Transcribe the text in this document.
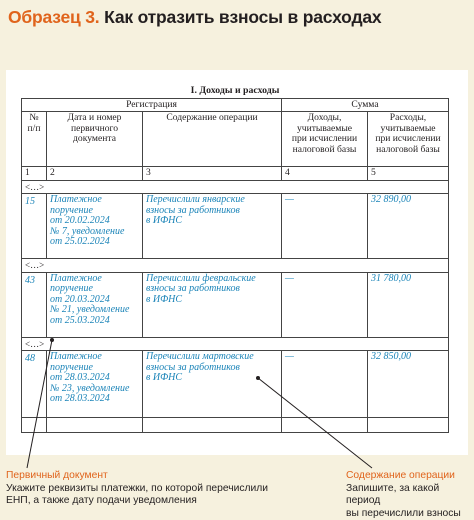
Образец 3. Как отразить взносы в расходах
I. Доходы и расходы				
Регистрация			Сумма	
№
п/п	Дата и номер
первичного
документа	Содержание операции	Доходы,
учитываемые
при исчислении
налоговой базы	Расходы,
учитываемые
при исчислении
налоговой базы
1	2	3	4	5
<…>				
15	Платежное
поручение
от 20.02.2024
№ 7, уведомление
от 25.02.2024	Перечислили январские
взносы за работников
в ИФНС	—	32 890,00
<…>				
43	Платежное
поручение
от 20.03.2024
№ 21, уведомление
от 25.03.2024	Перечислили февральские
взносы за работников
в ИФНС	—	31 780,00
<…>				
48	Платежное
поручение
от 28.03.2024
№ 23, уведомление
от 28.03.2024	Перечислили мартовские
взносы за работников
в ИФНС	—	32 850,00

Первичный документ
Укажите реквизиты платежки, по которой перечислили
ЕНП, а также дату подачи уведомления
Содержание операции
Запишите, за какой период
вы перечислили взносы
